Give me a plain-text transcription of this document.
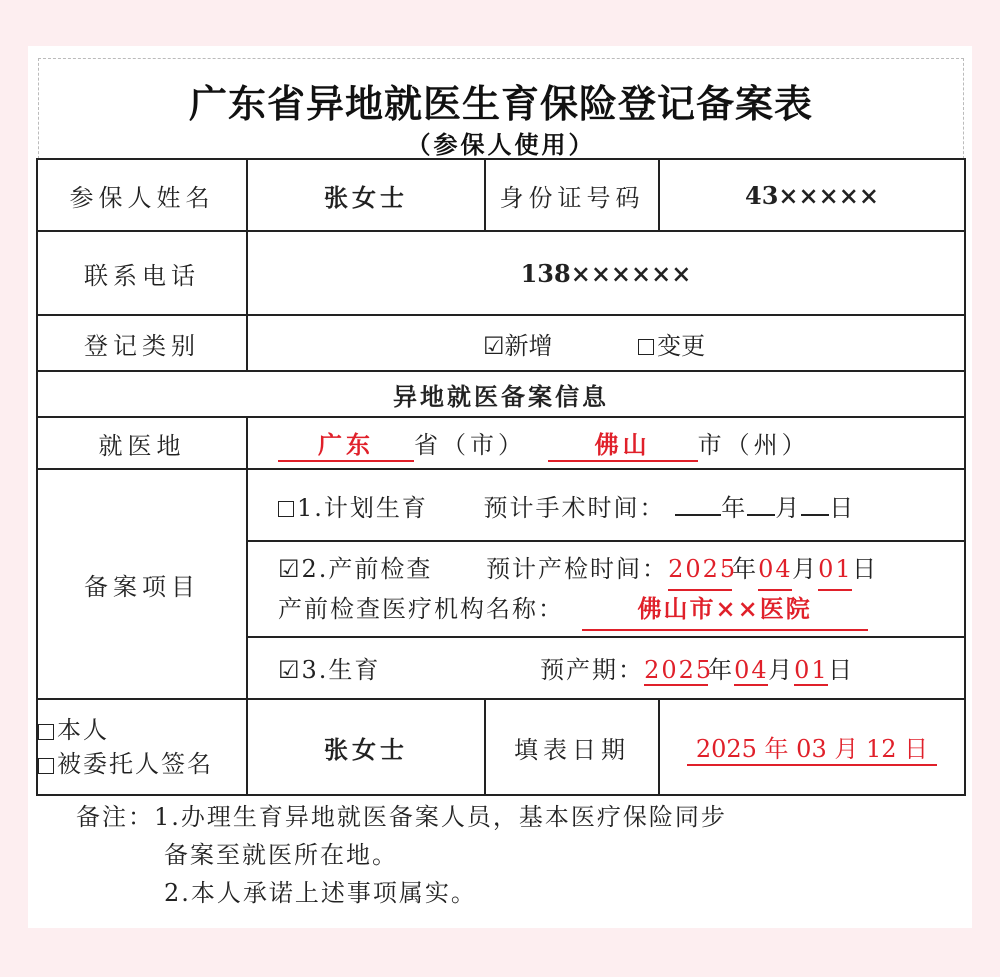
广东省异地就医生育保险登记备案表
（参保人使用）
参保人姓名	张女士	身份证号码	43×××××
联系电话	138××××××		
登记类别	☑新增 变更		
异地就医备案信息			
就医地	广东 省（市） 佛山 市（州）		
备案项目	1.计划生育 预计手术时间： 年 月 日		

	☑2.产前检查 预计产检时间：2025年04月01日
产前检查医疗机构名称： 佛山市××医院		

	☑3.生育 预产期：2025年04月01日		

本人
被委托人签名	张女士	填表日期	2025 年 03 月 12 日
备注：1.办理生育异地就医备案人员，基本医疗保险同步
备案至就医所在地。
2.本人承诺上述事项属实。
